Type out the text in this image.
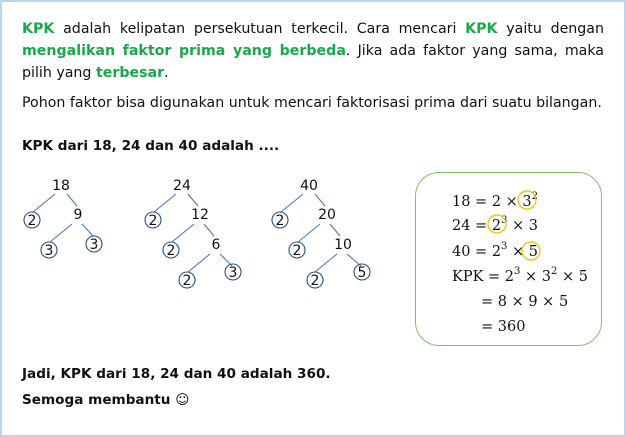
KPK adalah kelipatan persekutuan terkecil. Cara mencari KPK yaitu dengan mengalikan faktor prima yang berbeda. Jika ada faktor yang sama, maka pilih yang terbesar.

Pohon faktor bisa digunakan untuk mencari faktorisasi prima dari suatu bilangan.

KPK dari 18, 24 dan 40 adalah ....
18
2	9
3	3
24
2 12
2	6
2	3
40
2 20
2 10
2	5
$18 = 2 \times 3^2$
$24 = 2^3 \times 3$
$40 = 2^3 \times 5$
KPK = $2^3 \times 3^2 \times 5$
= 8 × 9 × 5
= 360
Jadi, KPK dari 18, 24 dan 40 adalah 360.
Semoga membantu ☺
